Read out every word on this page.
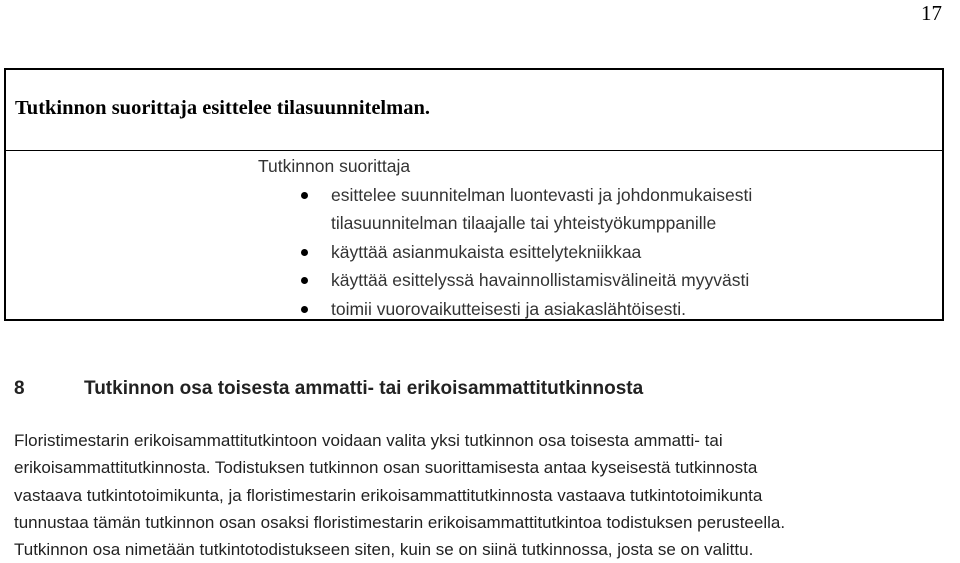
17
Tutkinnon suorittaja esittelee tilasuunnitelman.

Tutkinnon suorittaja

esittelee suunnitelman luontevasti ja johdonmukaisesti
tilasuunnitelman tilaajalle tai yhteistyökumppanille
käyttää asianmukaista esittelytekniikkaa
käyttää esittelyssä havainnollistamisvälineitä myyvästi
toimii vuorovaikutteisesti ja asiakaslähtöisesti.
8	Tutkinnon osa toisesta ammatti- tai erikoisammattitutkinnosta

Floristimestarin erikoisammattitutkintoon voidaan valita yksi tutkinnon osa toisesta ammatti- tai
erikoisammattitutkinnosta. Todistuksen tutkinnon osan suorittamisesta antaa kyseisestä tutkinnosta
vastaava tutkintotoimikunta, ja floristimestarin erikoisammattitutkinnosta vastaava tutkintotoimikunta
tunnustaa tämän tutkinnon osan osaksi floristimestarin erikoisammattitutkintoa todistuksen perusteella.
Tutkinnon osa nimetään tutkintotodistukseen siten, kuin se on siinä tutkinnossa, josta se on valittu.
